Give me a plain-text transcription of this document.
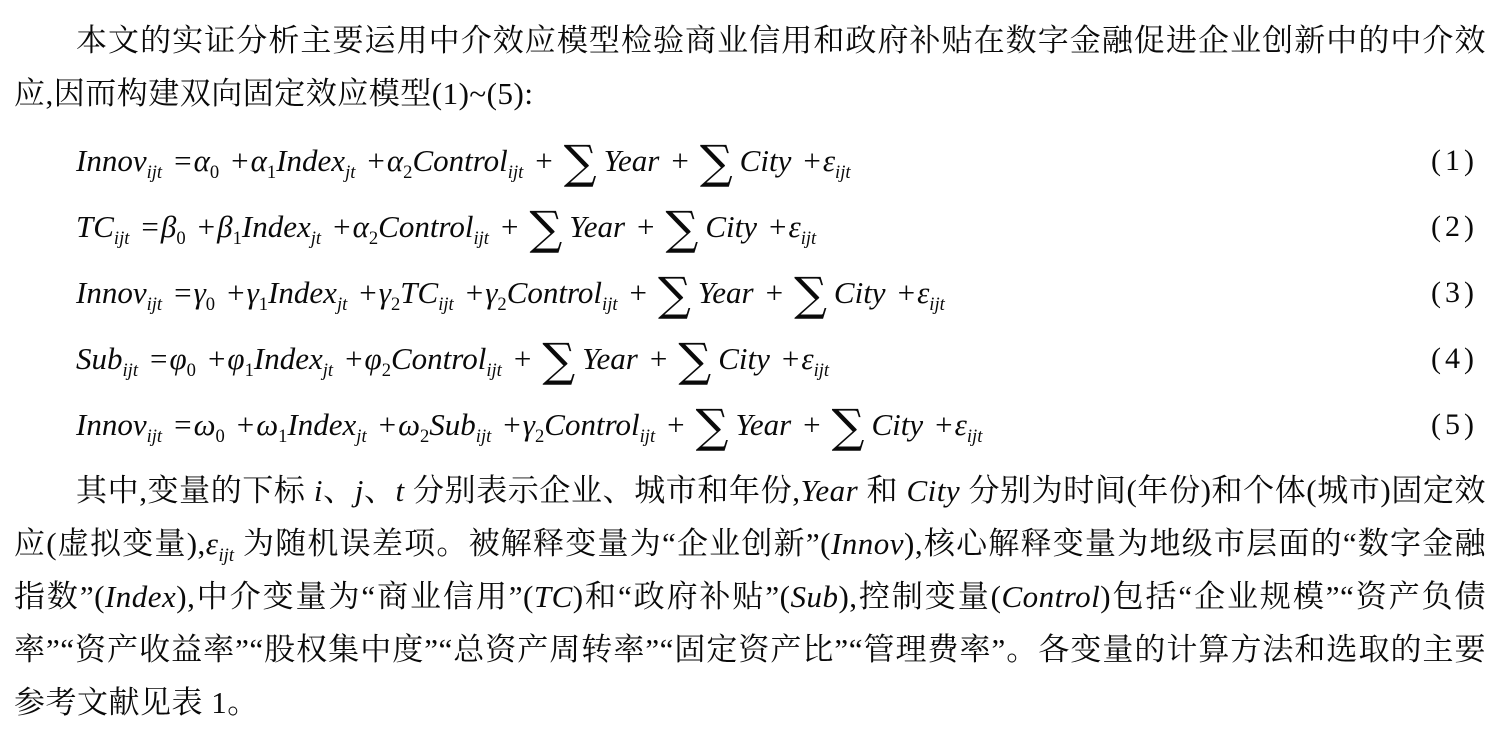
本文的实证分析主要运用中介效应模型检验商业信用和政府补贴在数字金融促进企业创新中的中介效应,因而构建双向固定效应模型(1)~(5):

Innov$_{ijt}$ $=\alpha_0$ $+\alpha_1Index_{jt}$ $+\alpha_2Control_{ijt}$ + ∑ Year + ∑ City $+\varepsilon_{ijt}$	(1)
$TC_{ijt} =\beta_0$ $+\beta_1Index_{jt}$ $+\alpha_2Control_{ijt}$ + ∑ Year + ∑ City $+\varepsilon_{ijt}$	(2)
Innov$_{ijt}$ $=\gamma_0$ $+\gamma_1Index_{jt} +\gamma_2TC_{ijt}$ $+\gamma_2Control_{ijt}$ + ∑ Year + ∑ City $+\varepsilon_{ijt}$	(3)
$Sub_{ijt} =\varphi_0$ $+\varphi_1Index_{jt}$ $+\varphi_2Control_{ijt}$ + ∑ Year + ∑ City $+\varepsilon_{ijt}$	(4)
Innov$_{ijt}$ $=\omega_0$ $+\omega_1Index_{jt} +\omega_2Sub_{ijt}$ $+\gamma_2Control_{ijt}$ + ∑ Year + ∑ City $+\varepsilon_{ijt}$	(5)

其中,变量的下标 i、j、t 分别表示企业、城市和年份,Year 和 City 分别为时间(年份)和个体(城市)固定效应(虚拟变量)$,\varepsilon_{ijt}$ 为随机误差项。被解释变量为“企业创新”(Innov),核心解释变量为地级市层面的“数字金融指数”(Index),中介变量为“商业信用”(TC)和“政府补贴”(Sub),控制变量(Control)包括“企业规模”“资产负债率”“资产收益率”“股权集中度”“总资产周转率”“固定资产比”“管理费率”。各变量的计算方法和选取的主要参考文献见表 1。
